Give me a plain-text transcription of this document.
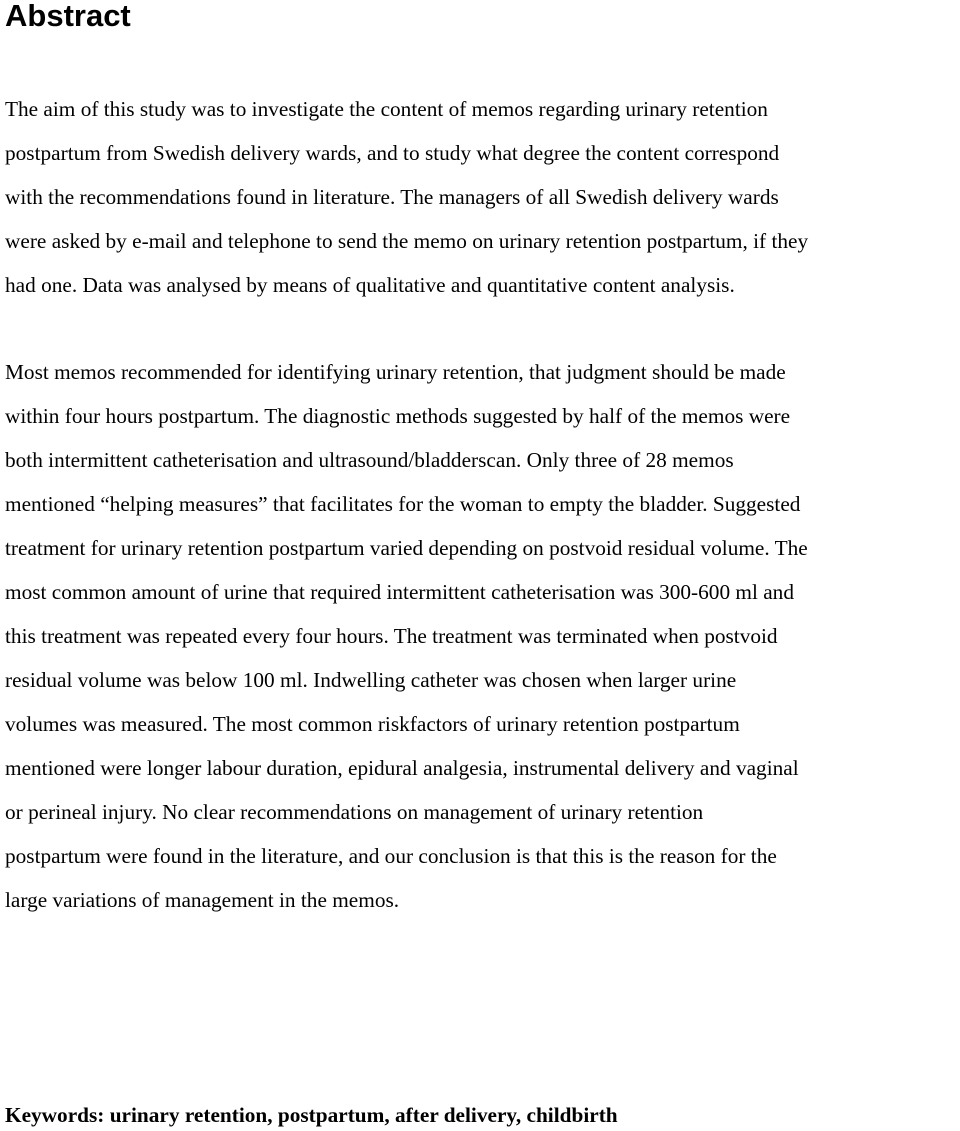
Abstract

The aim of this study was to investigate the content of memos regarding urinary retention
postpartum from Swedish delivery wards, and to study what degree the content correspond
with the recommendations found in literature. The managers of all Swedish delivery wards
were asked by e-mail and telephone to send the memo on urinary retention postpartum, if they
had one. Data was analysed by means of qualitative and quantitative content analysis.

Most memos recommended for identifying urinary retention, that judgment should be made
within four hours postpartum. The diagnostic methods suggested by half of the memos were
both intermittent catheterisation and ultrasound/bladderscan. Only three of 28 memos
mentioned “helping measures” that facilitates for the woman to empty the bladder. Suggested
treatment for urinary retention postpartum varied depending on postvoid residual volume. The
most common amount of urine that required intermittent catheterisation was 300-600 ml and
this treatment was repeated every four hours. The treatment was terminated when postvoid
residual volume was below 100 ml. Indwelling catheter was chosen when larger urine
volumes was measured. The most common riskfactors of urinary retention postpartum
mentioned were longer labour duration, epidural analgesia, instrumental delivery and vaginal
or perineal injury. No clear recommendations on management of urinary retention
postpartum were found in the literature, and our conclusion is that this is the reason for the
large variations of management in the memos.

Keywords: urinary retention, postpartum, after delivery, childbirth
